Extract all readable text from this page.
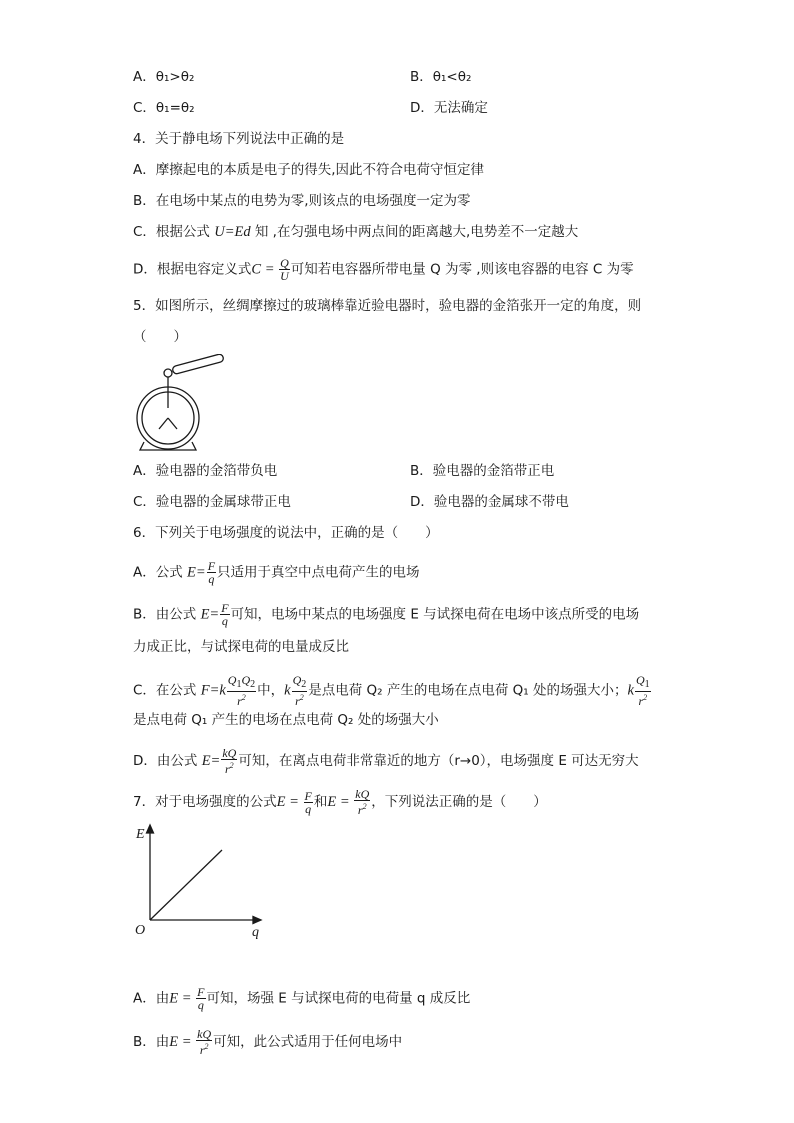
A．θ₁>θ₂	B．θ₁<θ₂
C．θ₁=θ₂	D．无法确定
4．关于静电场下列说法中正确的是
A．摩擦起电的本质是电子的得失,因此不符合电荷守恒定律
B．在电场中某点的电势为零,则该点的电场强度一定为零
C．根据公式 U=Ed 知 ,在匀强电场中两点间的距离越大,电势差不一定越大
D．根据电容定义式$C = \frac{Q}{U}$ 可知若电容器所带电量 Q 为零 ,则该电容器的电容 C 为零
5．如图所示，丝绸摩擦过的玻璃棒靠近验电器时，验电器的金箔张开一定的角度，则
（　　）
A．验电器的金箔带负电	B．验电器的金箔带正电
C．验电器的金属球带正电	D．验电器的金属球不带电
6．下列关于电场强度的说法中，正确的是（　　）
A．公式 $E= \frac{F}{q}$ 只适用于真空中点电荷产生的电场
B．由公式 $E= \frac{F}{q}$ 可知，电场中某点的电场强度 E 与试探电荷在电场中该点所受的电场
力成正比，与试探电荷的电量成反比
C．在公式 $F=k \frac{Q_1Q_2}{r^2}$ 中，k $\frac{Q_2}{r^2}$ 是点电荷 Q₂ 产生的电场在点电荷 Q₁ 处的场强大小；k $\frac{Q_1}{r^2}$
是点电荷 Q₁ 产生的电场在点电荷 Q₂ 处的场强大小
D．由公式 $E= \frac{kQ}{r^2}$ 可知，在离点电荷非常靠近的地方（r→0），电场强度 E 可达无穷大
7．对于电场强度的公式$E = \frac{F}{q}$ 和$E = \frac{kQ}{r^2}$ ，下列说法正确的是（　　）
E
q
O
A．由$E = \frac{F}{q}$ 可知，场强 E 与试探电荷的电荷量 q 成反比
B．由$E = \frac{kQ}{r^2}$ 可知，此公式适用于任何电场中
